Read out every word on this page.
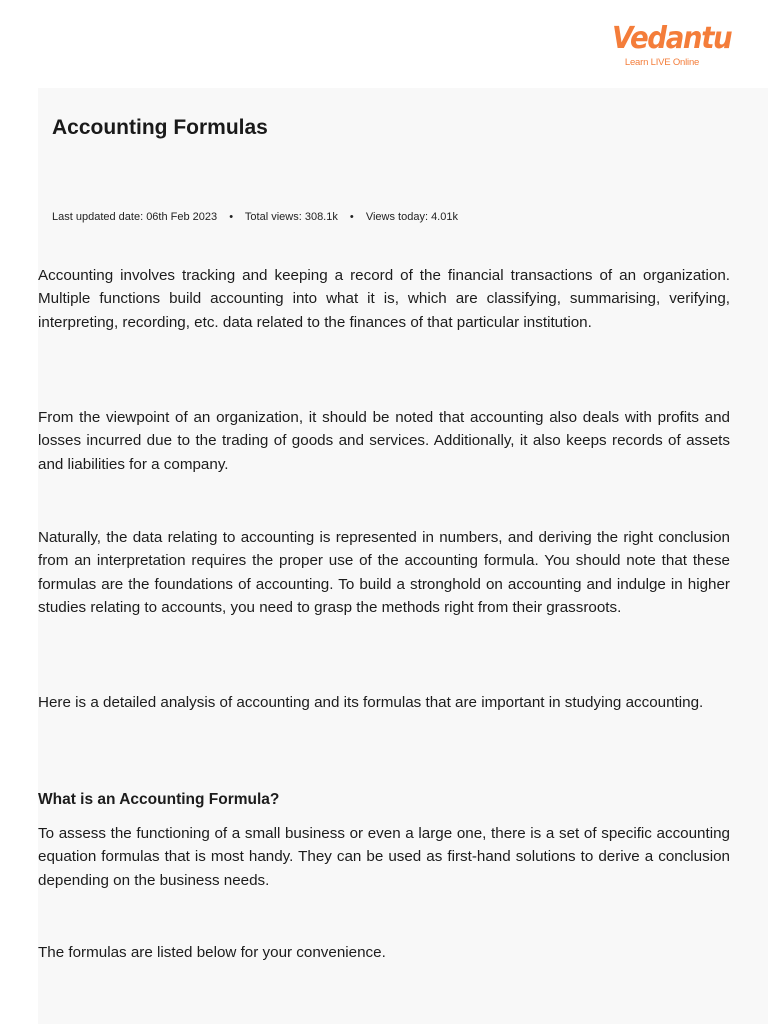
Vedantu
Learn LIVE Online
Accounting Formulas
Last updated date: 06th Feb 2023 • Total views: 308.1k • Views today: 4.01k

Accounting involves tracking and keeping a record of the financial transactions of an organization. Multiple functions build accounting into what it is, which are classifying, summarising, verifying, interpreting, recording, etc. data related to the finances of that particular institution.

From the viewpoint of an organization, it should be noted that accounting also deals with profits and losses incurred due to the trading of goods and services. Additionally, it also keeps records of assets and liabilities for a company.

Naturally, the data relating to accounting is represented in numbers, and deriving the right conclusion from an interpretation requires the proper use of the accounting formula. You should note that these formulas are the foundations of accounting. To build a stronghold on accounting and indulge in higher studies relating to accounts, you need to grasp the methods right from their grassroots.

Here is a detailed analysis of accounting and its formulas that are important in studying accounting.

What is an Accounting Formula?

To assess the functioning of a small business or even a large one, there is a set of specific accounting equation formulas that is most handy. They can be used as first-hand solutions to derive a conclusion depending on the business needs.

The formulas are listed below for your convenience.
